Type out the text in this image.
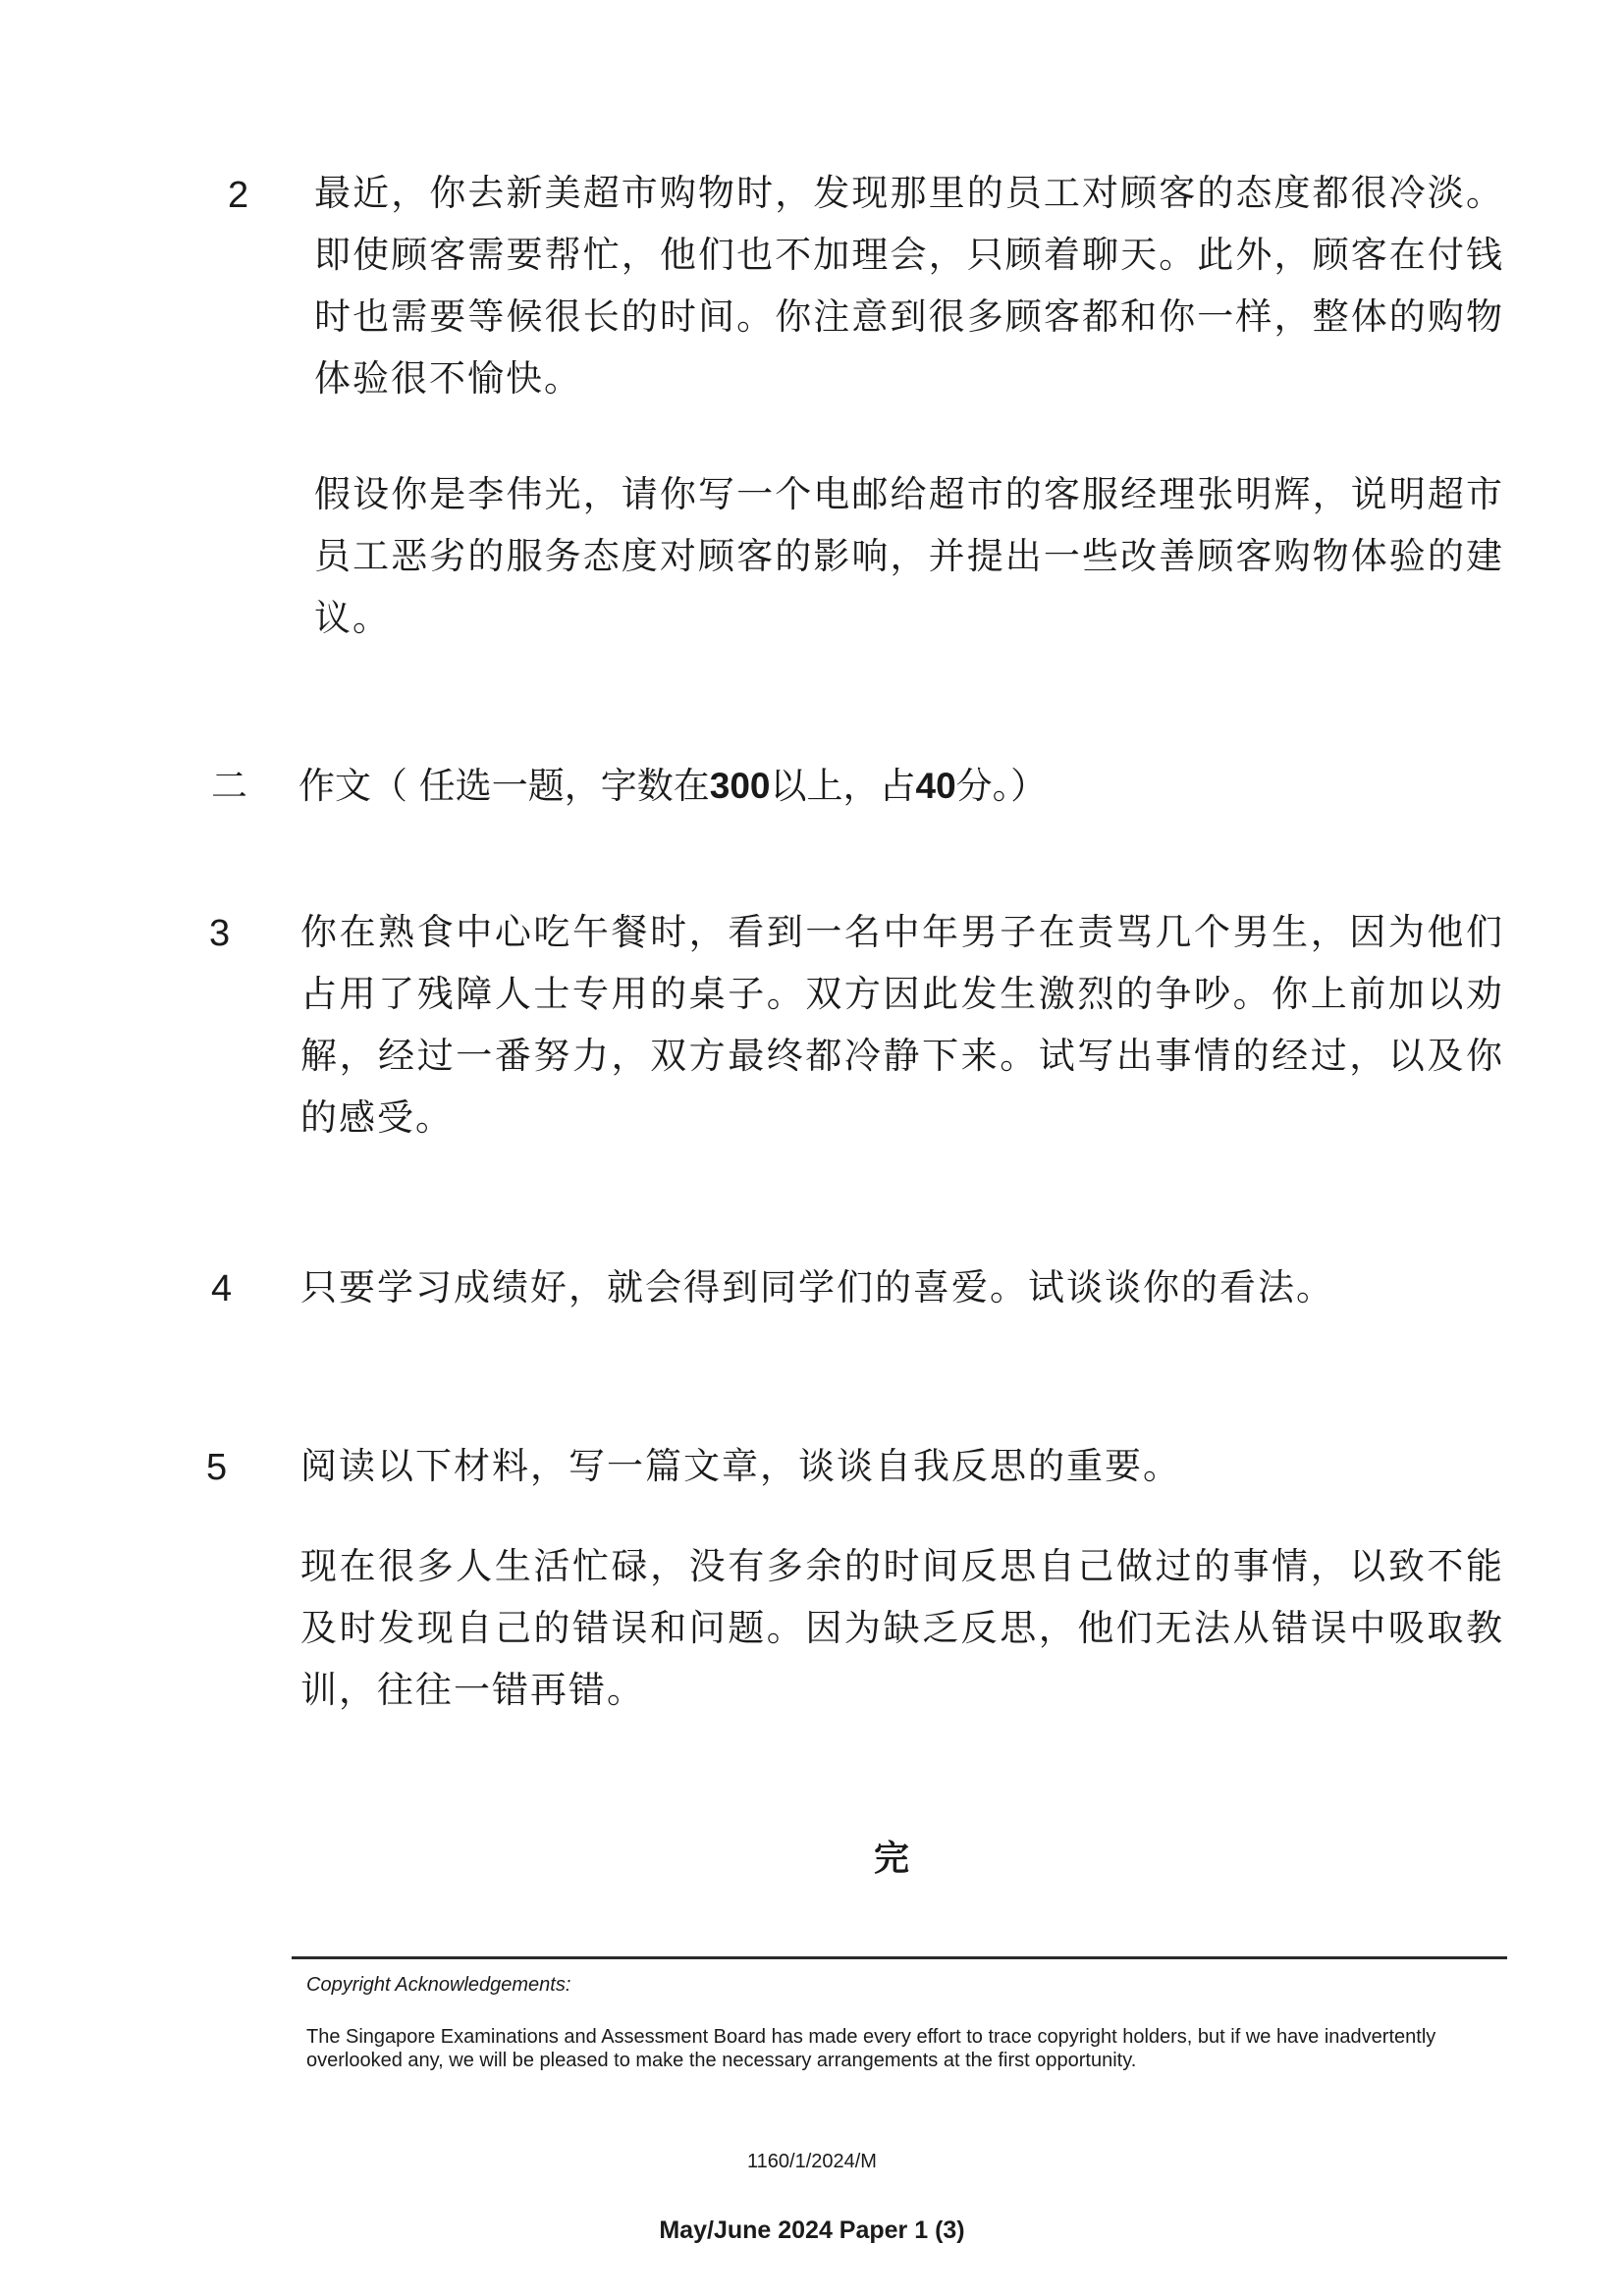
2 最近，你去新美超市购物时，发现那里的员工对顾客的态度都很冷淡。即使顾客需要帮忙，他们也不加理会，只顾着聊天。此外，顾客在付钱时也需要等候很长的时间。你注意到很多顾客都和你一样，整体的购物体验很不愉快。

假设你是李伟光，请你写一个电邮给超市的客服经理张明辉，说明超市员工恶劣的服务态度对顾客的影响，并提出一些改善顾客购物体验的建议。

二 作文（ 任选一题，字数在 300 以上，占 40 分。）
3 你在熟食中心吃午餐时，看到一名中年男子在责骂几个男生，因为他们占用了残障人士专用的桌子。双方因此发生激烈的争吵。你上前加以劝解，经过一番努力，双方最终都冷静下来。试写出事情的经过，以及你的感受。

4 只要学习成绩好，就会得到同学们的喜爱。试谈谈你的看法。

5 阅读以下材料，写一篇文章，谈谈自我反思的重要。

现在很多人生活忙碌，没有多余的时间反思自己做过的事情，以致不能及时发现自己的错误和问题。因为缺乏反思，他们无法从错误中吸取教训，往往一错再错。

完
Copyright Acknowledgements:

The Singapore Examinations and Assessment Board has made every effort to trace copyright holders, but if we have inadvertently overlooked any, we will be pleased to make the necessary arrangements at the first opportunity.

1160/1/2024/M
May/June 2024 Paper 1 (3)
